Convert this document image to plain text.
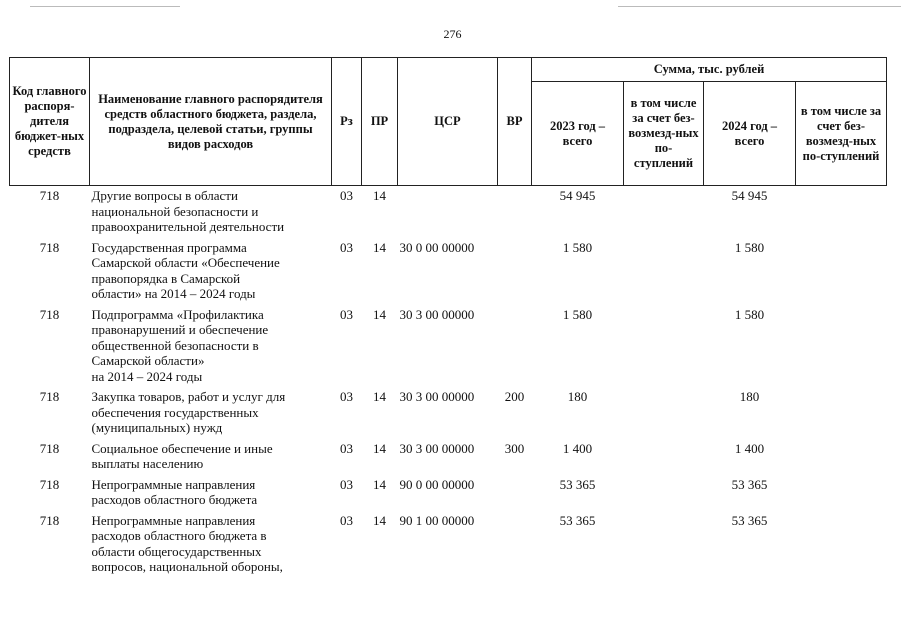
276
Код главного распоря-дителя бюджет-ных средств	Наименование главного распорядителя средств областного бюджета, раздела, подраздела, целевой статьи, группы видов расходов	Рз	ПР	ЦСР	ВР	Сумма, тыс. рублей			
						2023 год – всего	в том числе за счет без-возмезд-ных по-ступлений	2024 год – всего	в том числе за счет без-возмезд-ных по-ступлений
718	Другие вопросы в области
национальной безопасности и
правоохранительной деятельности	03	14			54 945		54 945	
718	Государственная программа
Самарской области «Обеспечение
правопорядка в Самарской
области» на 2014 – 2024 годы	03	14	30 0 00 00000		1 580		1 580	
718	Подпрограмма «Профилактика
правонарушений и обеспечение
общественной безопасности в
Самарской области»
на 2014 – 2024 годы	03	14	30 3 00 00000		1 580		1 580	
718	Закупка товаров, работ и услуг для
обеспечения государственных
(муниципальных) нужд	03	14	30 3 00 00000	200	180		180	
718	Социальное обеспечение и иные
выплаты населению	03	14	30 3 00 00000	300	1 400		1 400	
718	Непрограммные направления
расходов областного бюджета	03	14	90 0 00 00000		53 365		53 365	
718	Непрограммные направления
расходов областного бюджета в
области общегосударственных
вопросов, национальной обороны,	03	14	90 1 00 00000		53 365		53 365	
